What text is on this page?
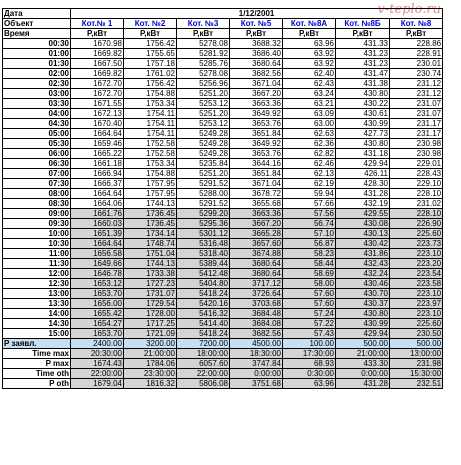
v-teplo.ru
Дата	1/12/2001						
Объект	Кот.№ 1	Кот. №2	Кот. №3	Кот. №5	Кот. №8А	Кот. №8Б	Кот. №8
Время	P,кВт	P,кВт	P,кВт	P,кВт	P,кВт	P,кВт	P,кВт
00:30	1670.98	1756.42	5278.08	3688.32	63.96	431.33	228.86
01:00	1669.82	1755.65	5281.92	3686.40	63.92	431.23	228.91
01:30	1667.50	1757.18	5285.76	3680.64	63.92	431.23	230.01
02:00	1669.82	1761.02	5278.08	3682.56	62.40	431.47	230.74
02:30	1672.70	1756.42	5256.96	3671.04	62.43	431.38	231.12
03:00	1672.70	1754.88	5251.20	3667.20	63.24	430.80	231.12
03:30	1671.55	1753.34	5253.12	3663.36	63.21	430.22	231.07
04:00	1672.13	1754.11	5251.20	3649.92	63.09	430.61	231.07
04:30	1670.40	1754.11	5253.12	3653.76	63.00	430.99	231.17
05:00	1664.64	1754.11	5249.28	3651.84	62.63	427.73	231.17
05:30	1659.46	1752.58	5249.28	3649.92	62.36	430.80	230.98
06:00	1665.22	1752.58	5249.28	3653.76	62.82	431.18	230.98
06:30	1661.18	1753.34	5235.84	3644.16	62.46	429.94	229.01
07:00	1666.94	1754.88	5251.20	3651.84	62.13	426.11	228.43
07:30	1666.37	1757.95	5291.52	3671.04	62.19	428.30	229.10
08:00	1664.64	1757.95	5288.00	3678.72	59.94	431.28	228.10
08:30	1664.06	1744.13	5291.52	3655.68	57.66	432.19	231.02
09:00	1661.76	1736.45	5299.20	3663.36	57.56	429.55	228.10
09:30	1660.03	1736.45	5295.36	3667.20	56.74	430.08	226.90
10:00	1651.39	1734.14	5301.12	3665.28	57.10	430.13	225.60
10:30	1664.64	1748.74	5316.48	3657.60	56.87	430.42	223.73
11:00	1656.58	1751.04	5318.40	3674.88	58.23	431.86	223.10
11:30	1649.66	1744.13	5389.44	3680.64	58.44	432.43	223.20
12:00	1646.78	1733.38	5412.48	3680.64	58.69	432.24	223.54
12:30	1653.12	1727.23	5404.80	3717.12	58.00	430.46	223.58
13:00	1653.70	1731.07	5418.24	3726.64	57.60	430.70	223.10
13:30	1656.00	1729.54	5420.16	3703.68	57.60	430.37	223.97
14:00	1655.42	1728.00	5416.32	3684.48	57.24	430.80	223.10
14:30	1654.27	1717.25	5414.40	3684.08	57.22	430.99	225.60
15:00	1653.70	1721.09	5418.24	3682.56	57.43	429.94	230.50
P заявл.	2400.00	3200.00	7200.00	4500.00	100.00	500.00	500.00
Time max	20:30:00	21:00:00	18:00:00	18:30:00	17:30:00	21:00:00	13:00:00
P max	1674.43	1784.06	6057.60	3747.84	68.93	433.30	231.98
Time oth	22:00:00	23:30:00	22:00:00	0:00:00	0:30:00	0:00:00	15:30:00
P oth	1679.04	1816.32	5806.08	3751.68	63.96	431.28	232.51
